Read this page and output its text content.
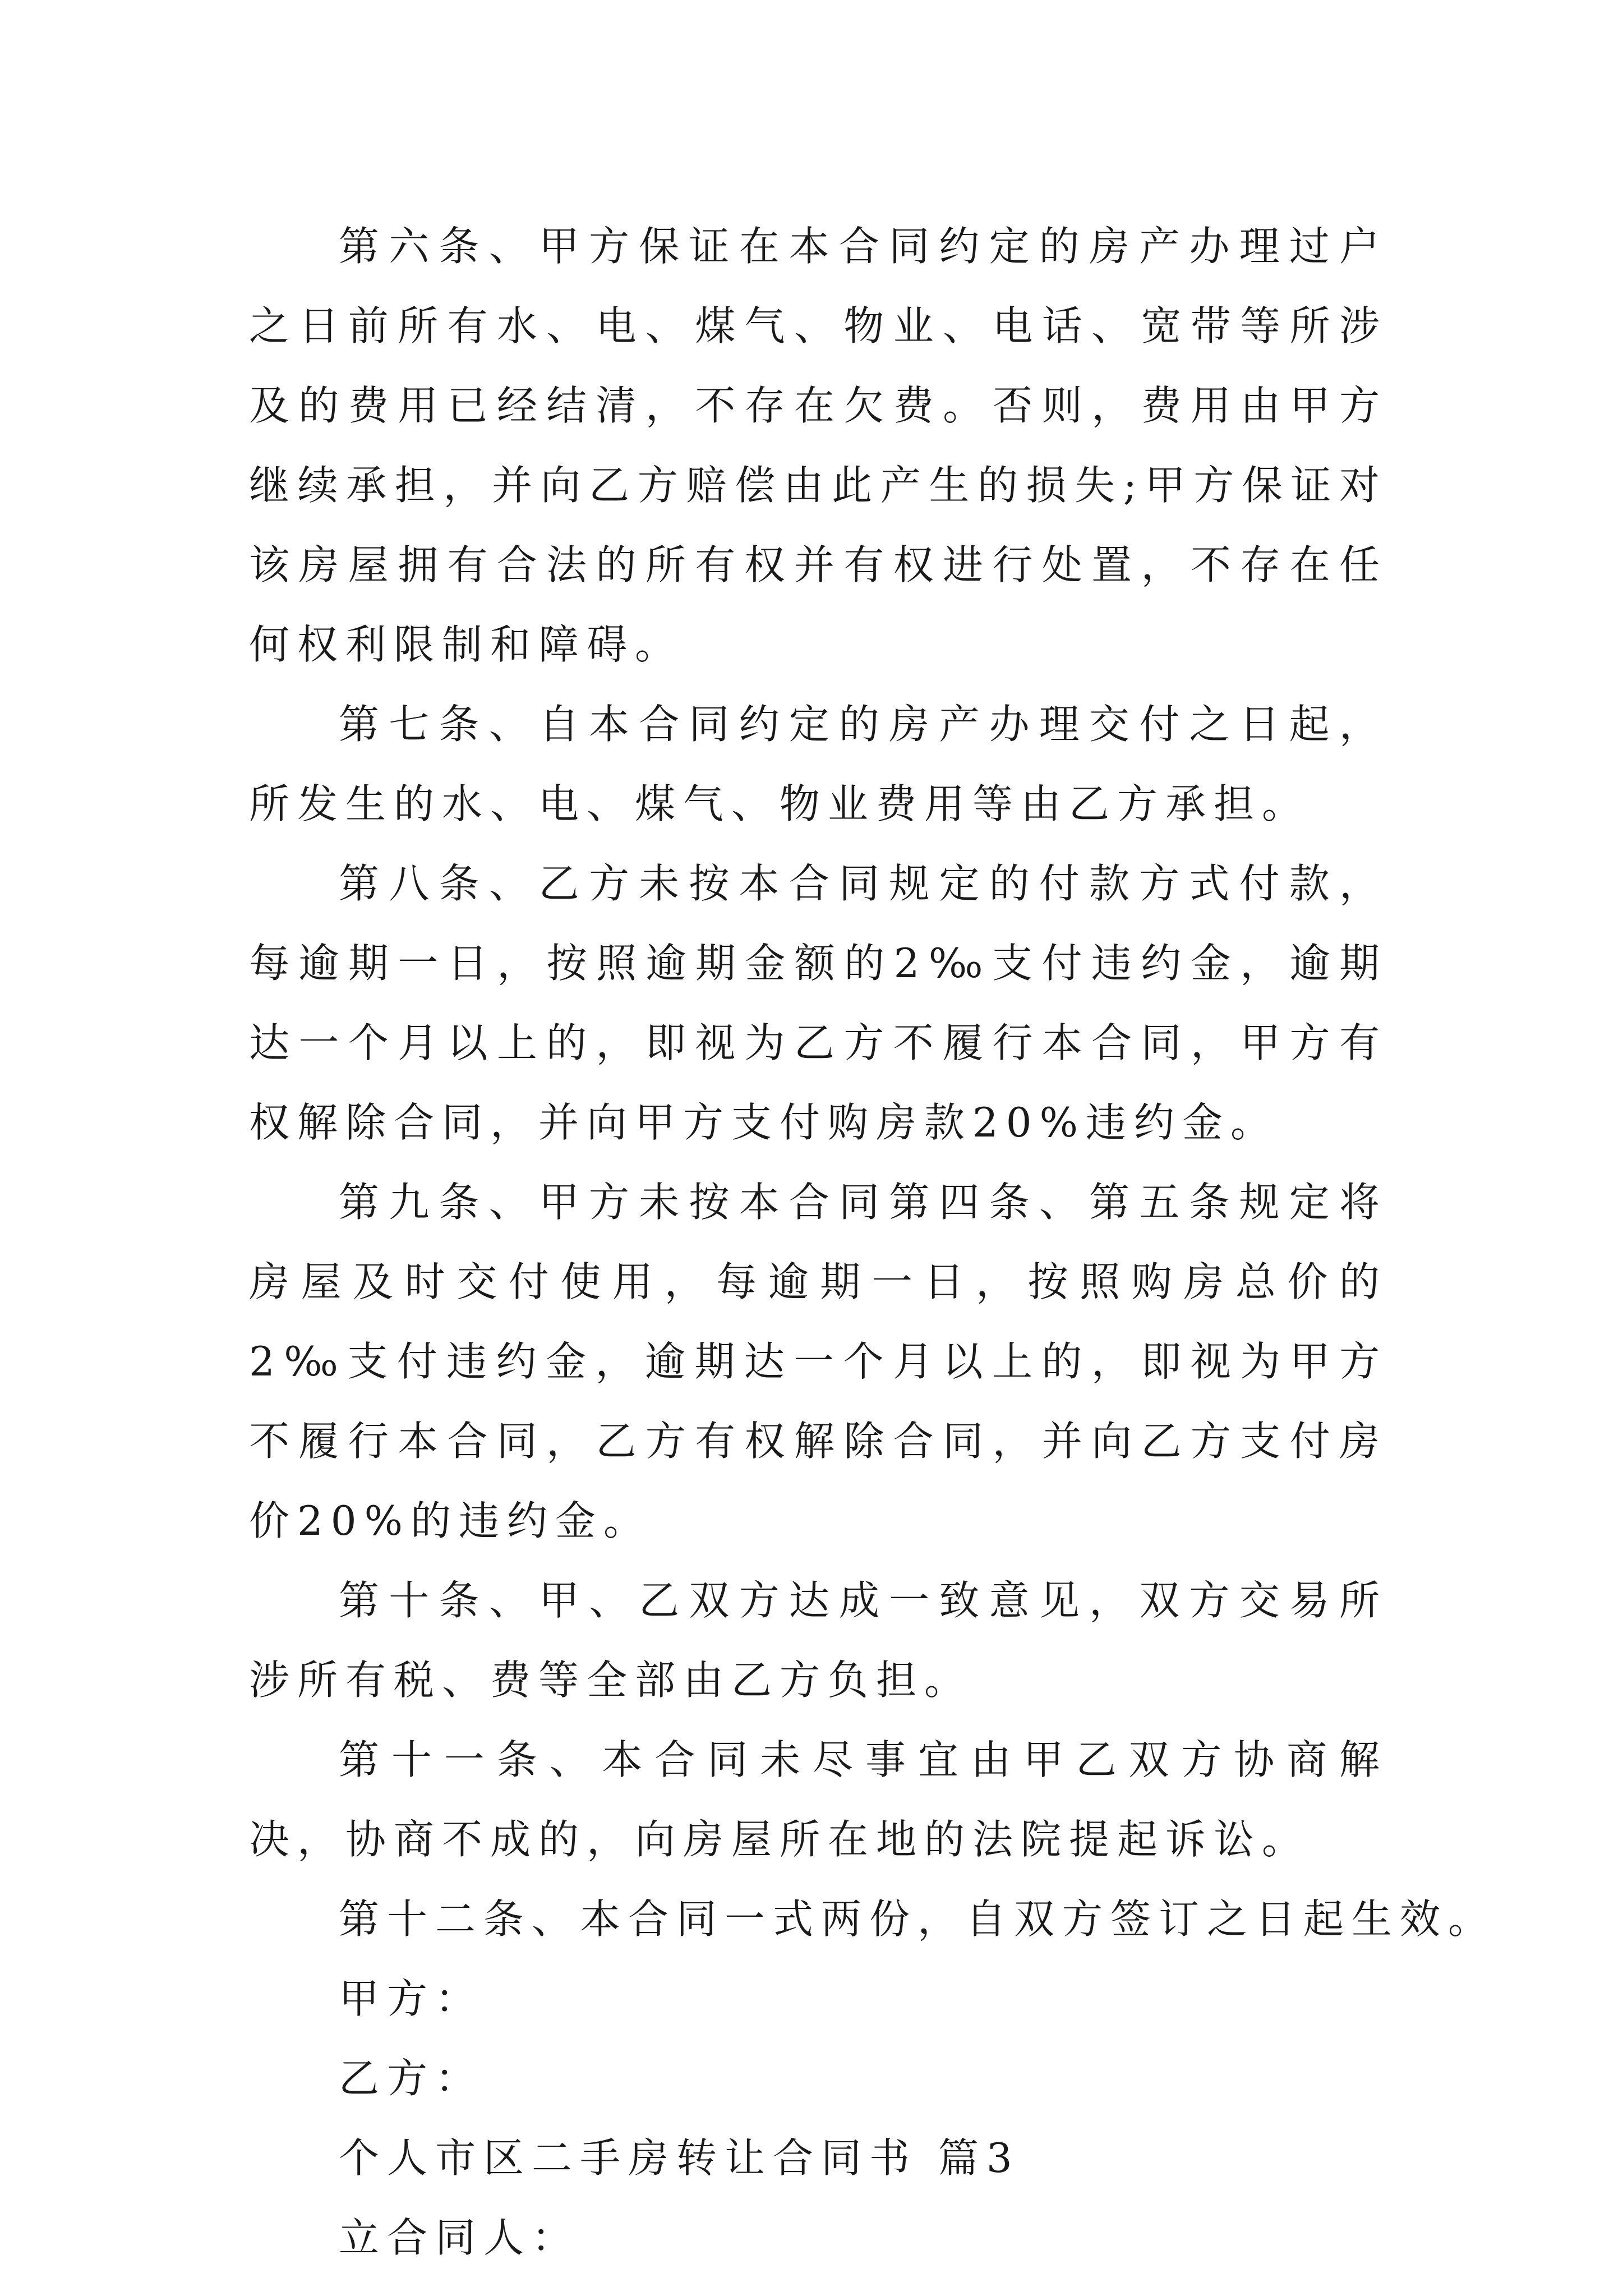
第六条、甲方保证在本合同约定的房产办理过户之日前所有水、电、煤气、物业、电话、宽带等所涉及的费用已经结清，不存在欠费。否则，费用由甲方继续承担，并向乙方赔偿由此产生的损失;甲方保证对该房屋拥有合法的所有权并有权进行处置，不存在任何权利限制和障碍。

第七条、自本合同约定的房产办理交付之日起，所发生的水、电、煤气、物业费用等由乙方承担。

第八条、乙方未按本合同规定的付款方式付款，每逾期一日，按照逾期金额的2‰支付违约金，逾期达一个月以上的，即视为乙方不履行本合同，甲方有权解除合同，并向甲方支付购房款20%违约金。

第九条、甲方未按本合同第四条、第五条规定将房屋及时交付使用，每逾期一日，按照购房总价的2‰支付违约金，逾期达一个月以上的，即视为甲方不履行本合同，乙方有权解除合同，并向乙方支付房价20%的违约金。

第十条、甲、乙双方达成一致意见，双方交易所涉所有税、费等全部由乙方负担。

第十一条、本合同未尽事宜由甲乙双方协商解决，协商不成的，向房屋所在地的法院提起诉讼。

第十二条、本合同一式两份，自双方签订之日起生效。

甲方：

乙方：

个人市区二手房转让合同书 篇3

立合同人：
